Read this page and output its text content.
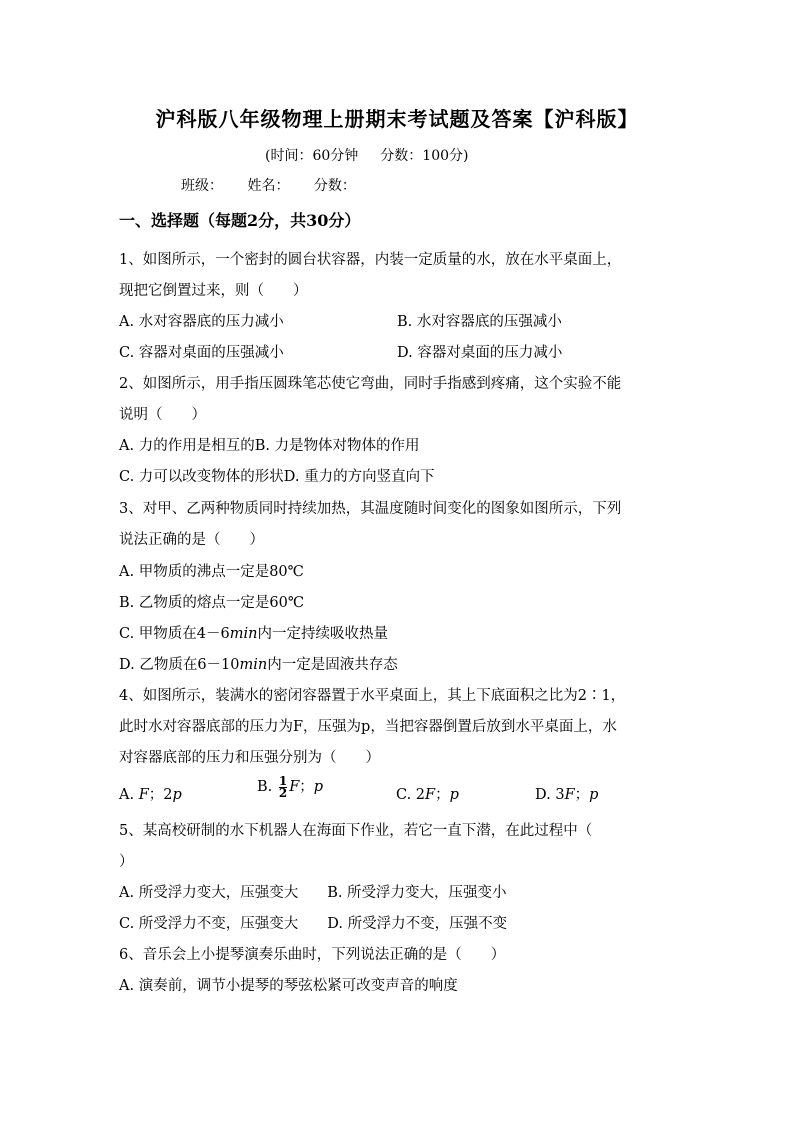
沪科版八年级物理上册期末考试题及答案【沪科版】
(时间：60分钟 分数：100分)
班级： 姓名： 分数：
一、选择题（每题2分，共30分）
1、如图所示，一个密封的圆台状容器，内装一定质量的水，放在水平桌面上，
现把它倒置过来，则（　　）
A. 水对容器底的压力减小	B. 水对容器底的压强减小
C. 容器对桌面的压强减小	D. 容器对桌面的压力减小
2、如图所示，用手指压圆珠笔芯使它弯曲，同时手指感到疼痛，这个实验不能
说明（　　）
A. 力的作用是相互的B. 力是物体对物体的作用
C. 力可以改变物体的形状D. 重力的方向竖直向下
3、对甲、乙两种物质同时持续加热，其温度随时间变化的图象如图所示，下列
说法正确的是（　　）
A. 甲物质的沸点一定是80℃
B. 乙物质的熔点一定是60℃
C. 甲物质在4－6min内一定持续吸收热量
D. 乙物质在6－10min内一定是固液共存态
4、如图所示，装满水的密闭容器置于水平桌面上，其上下底面积之比为2∶1，
此时水对容器底部的压力为F，压强为p，当把容器倒置后放到水平桌面上，水
对容器底部的压力和压强分别为（　　）
A. F；2p	B. $\frac{1}{2}$ F；p	C. 2F；p	D. 3F；p
5、某高校研制的水下机器人在海面下作业，若它一直下潜，在此过程中（
）
A. 所受浮力变大，压强变大　　B. 所受浮力变大，压强变小
C. 所受浮力不变，压强变大　　D. 所受浮力不变，压强不变
6、音乐会上小提琴演奏乐曲时，下列说法正确的是（　　）
A. 演奏前，调节小提琴的琴弦松紧可改变声音的响度
